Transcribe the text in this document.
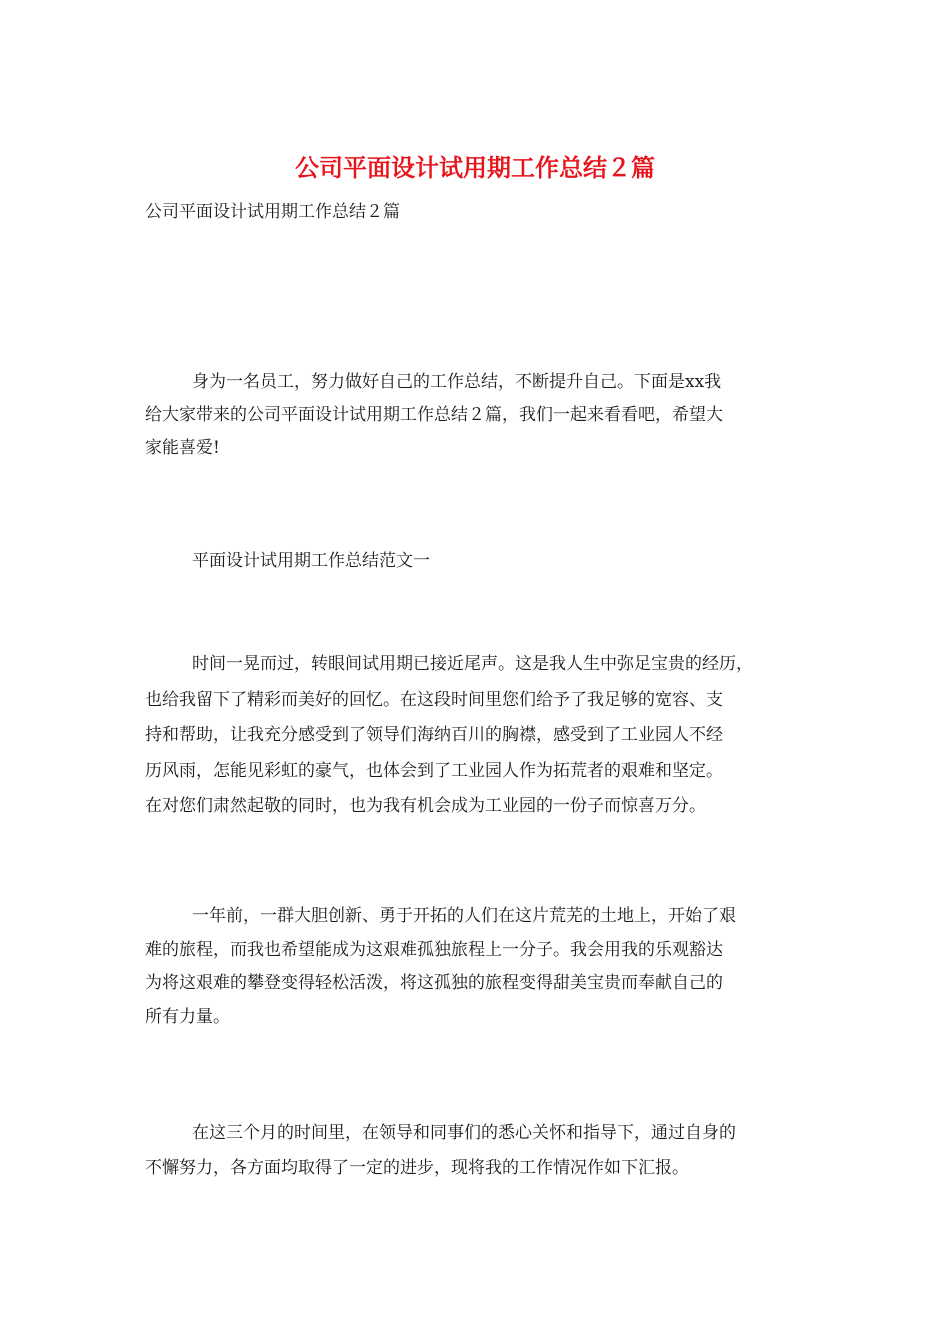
公司平面设计试用期工作总结２篇
公司平面设计试用期工作总结２篇
身为一名员工，努力做好自己的工作总结，不断提升自己。下面是xx我
给大家带来的公司平面设计试用期工作总结２篇，我们一起来看看吧，希望大
家能喜爱!
平面设计试用期工作总结范文一
时间一晃而过，转眼间试用期已接近尾声。这是我人生中弥足宝贵的经历，
也给我留下了精彩而美好的回忆。在这段时间里您们给予了我足够的宽容、支
持和帮助，让我充分感受到了领导们海纳百川的胸襟，感受到了工业园人不经
历风雨，怎能见彩虹的豪气，也体会到了工业园人作为拓荒者的艰难和坚定。
在对您们肃然起敬的同时，也为我有机会成为工业园的一份子而惊喜万分。
一年前，一群大胆创新、勇于开拓的人们在这片荒芜的土地上，开始了艰
难的旅程，而我也希望能成为这艰难孤独旅程上一分子。我会用我的乐观豁达
为将这艰难的攀登变得轻松活泼，将这孤独的旅程变得甜美宝贵而奉献自己的
所有力量。
在这三个月的时间里，在领导和同事们的悉心关怀和指导下，通过自身的
不懈努力，各方面均取得了一定的进步，现将我的工作情况作如下汇报。
